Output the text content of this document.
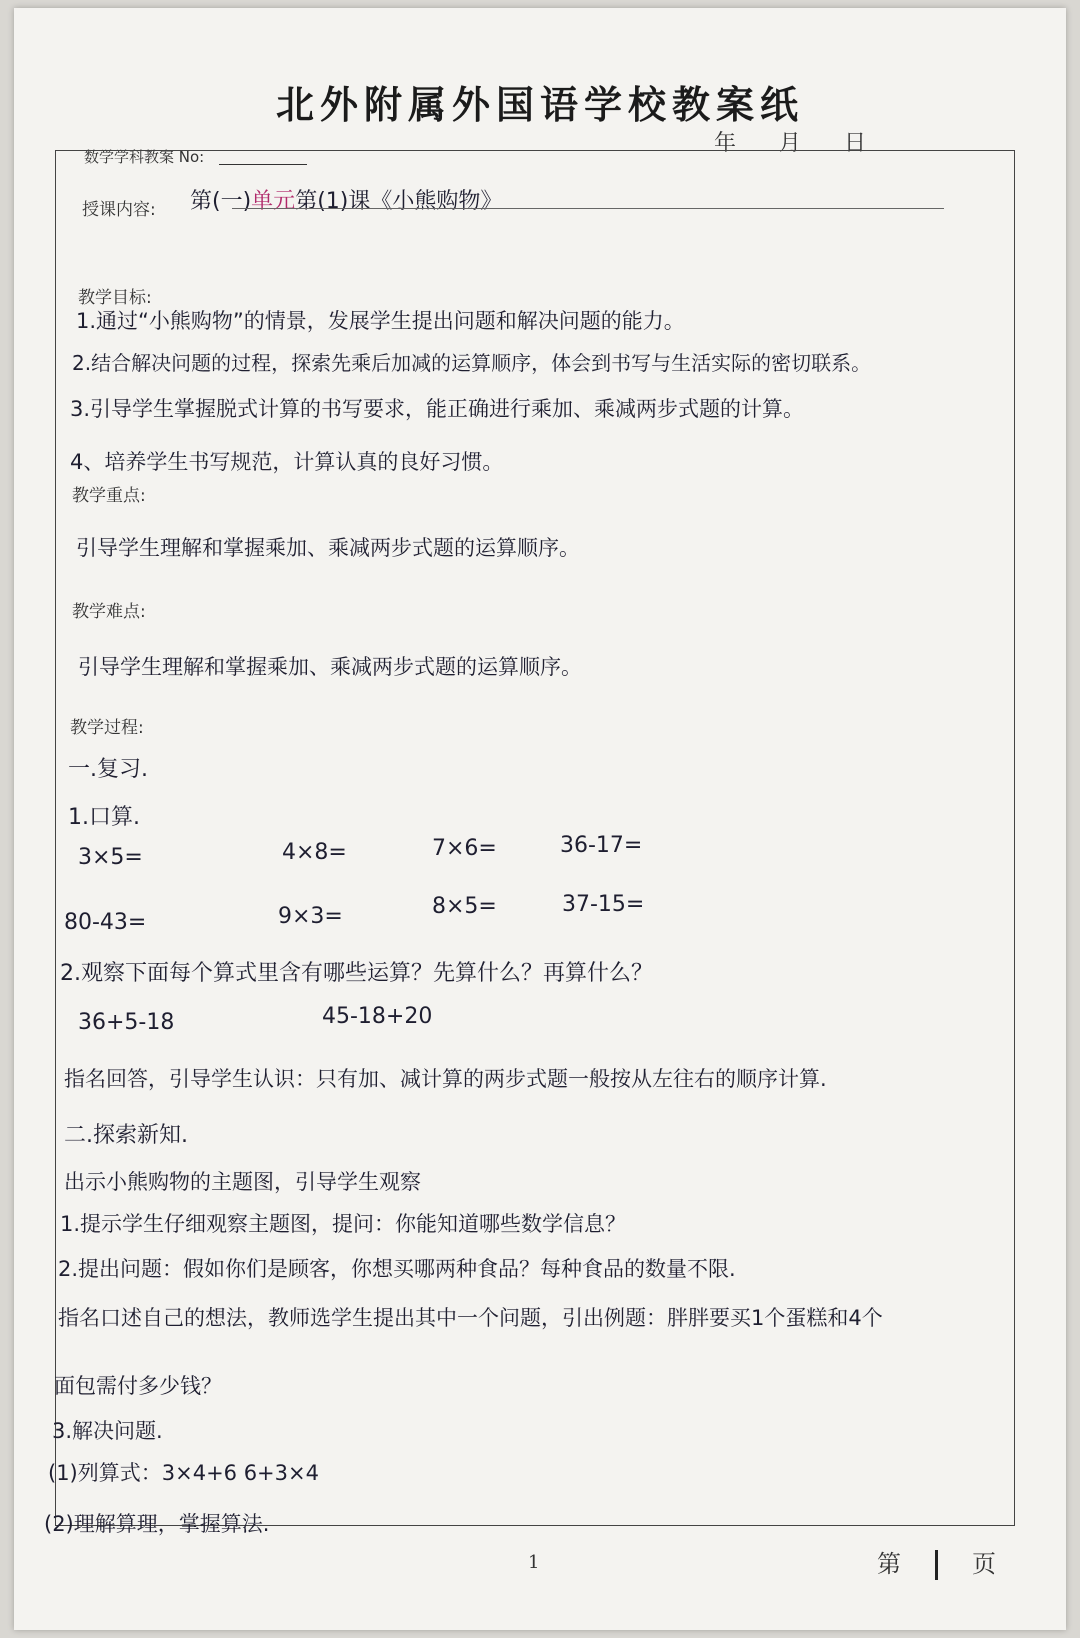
北外附属外国语学校教案纸
数学学科教案 No:
年 月 日
授课内容: 第(一)单元第(1)课《小熊购物》
教学目标:
1.通过“小熊购物”的情景，发展学生提出问题和解决问题的能力。
2.结合解决问题的过程，探索先乘后加减的运算顺序，体会到书写与生活实际的密切联系。
3.引导学生掌握脱式计算的书写要求，能正确进行乘加、乘减两步式题的计算。
4、培养学生书写规范，计算认真的良好习惯。
教学重点:
引导学生理解和掌握乘加、乘减两步式题的运算顺序。
教学难点:
引导学生理解和掌握乘加、乘减两步式题的运算顺序。
教学过程:
一.复习.
1.口算.
3×5=	4×8=	7×6=	36-17=
80-43=	9×3=	8×5=	37-15=
2.观察下面每个算式里含有哪些运算？先算什么？再算什么？
36+5-18	45-18+20
指名回答，引导学生认识：只有加、减计算的两步式题一般按从左往右的顺序计算.
二.探索新知.
出示小熊购物的主题图，引导学生观察
1.提示学生仔细观察主题图，提问：你能知道哪些数学信息？
2.提出问题：假如你们是顾客，你想买哪两种食品？每种食品的数量不限.
指名口述自己的想法，教师选学生提出其中一个问题，引出例题：胖胖要买1个蛋糕和4个
面包需付多少钱？
3.解决问题.
(1)列算式：3×4+6 6+3×4
(2)理解算理，掌握算法.
1	第	页
